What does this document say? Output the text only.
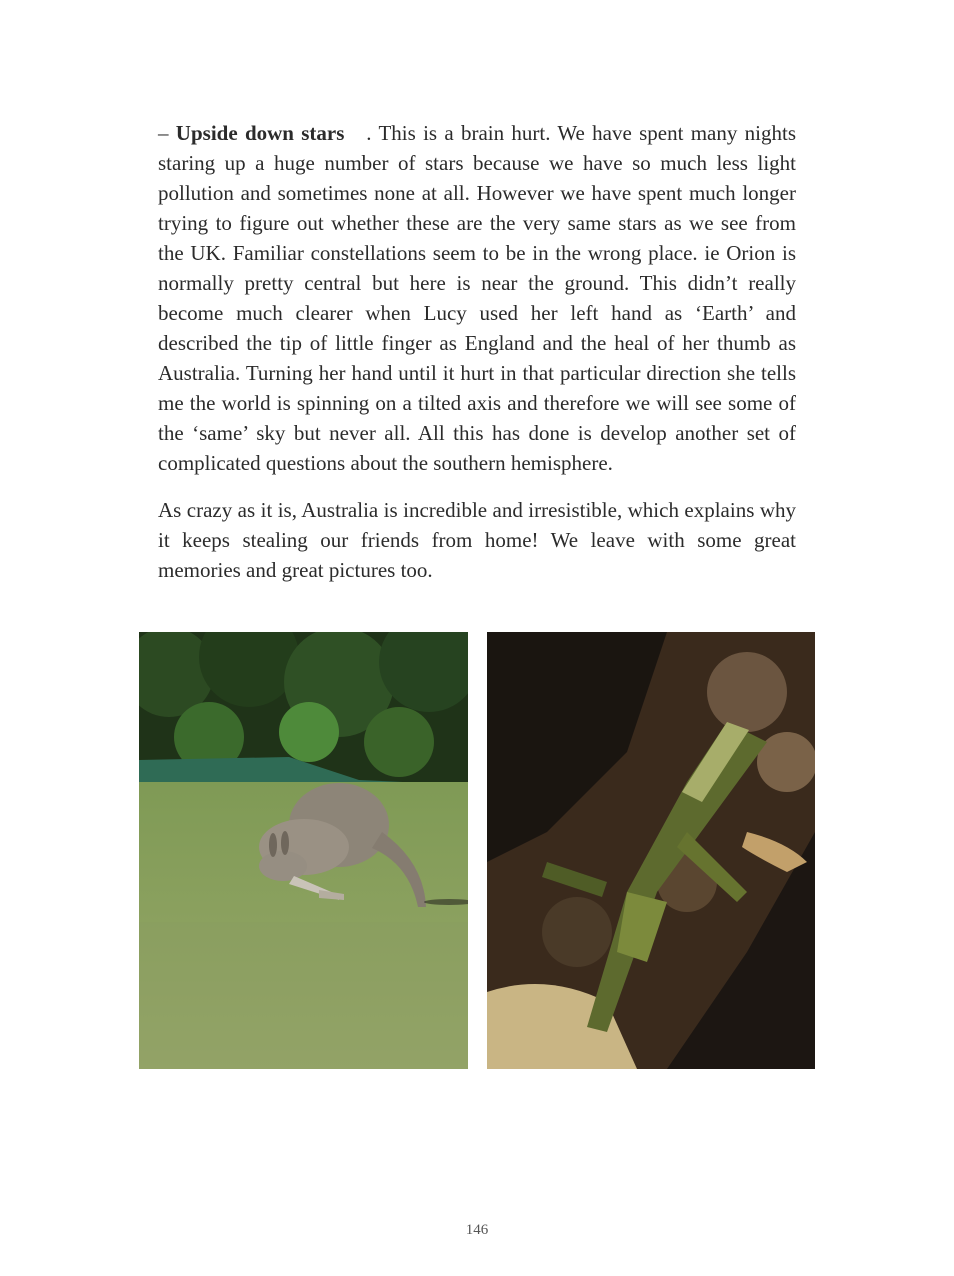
– Upside down stars . This is a brain hurt. We have spent many nights staring up a huge number of stars because we have so much less light pollution and sometimes none at all. However we have spent much longer trying to figure out whether these are the very same stars as we see from the UK. Familiar constellations seem to be in the wrong place. ie Orion is normally pretty central but here is near the ground. This didn’t really become much clearer when Lucy used her left hand as ‘Earth’ and described the tip of little finger as England and the heal of her thumb as Australia. Turning her hand until it hurt in that particular direction she tells me the world is spinning on a tilted axis and therefore we will see some of the ‘same’ sky but never all. All this has done is develop another set of complicated questions about the southern hemisphere.

As crazy as it is, Australia is incredible and irresistible, which explains why it keeps stealing our friends from home! We leave with some great memories and great pictures too.

146
